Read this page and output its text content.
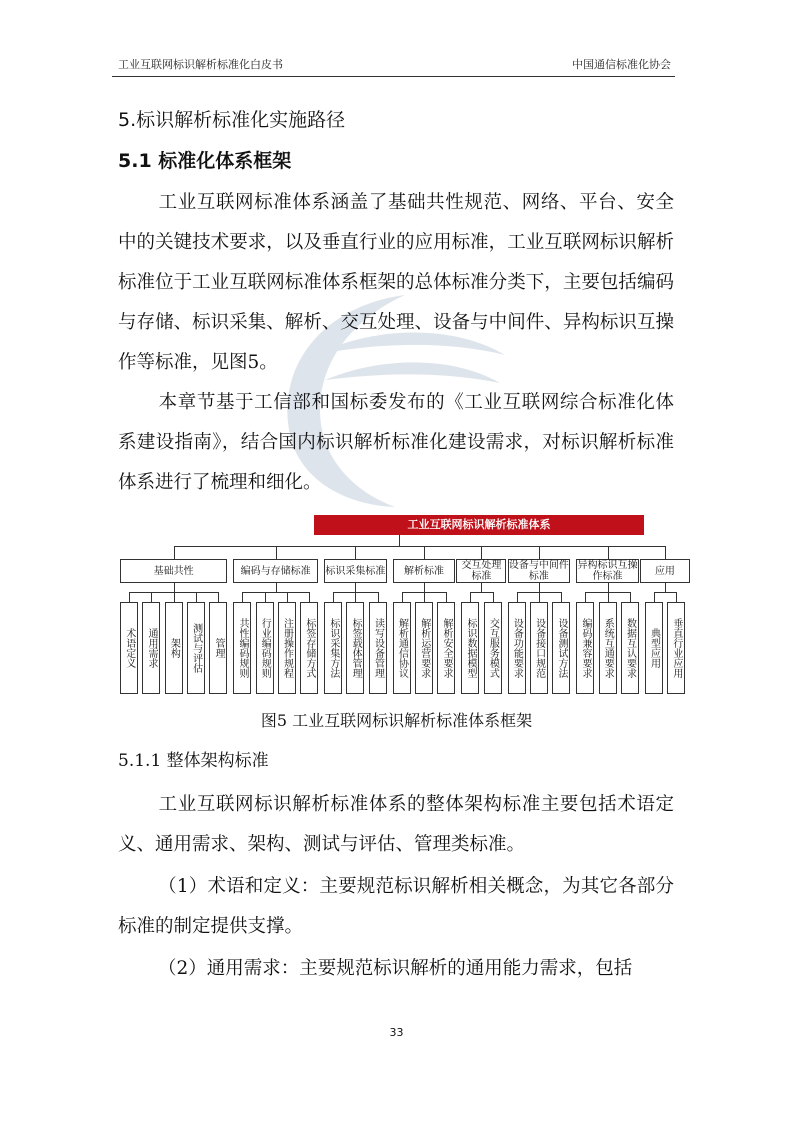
工业互联网标识解析标准化白皮书	中国通信标准化协会
5.标识解析标准化实施路径
5.1 标准化体系框架
工业互联网标准体系涵盖了基础共性规范、网络、平台、安全中的关键技术要求，以及垂直行业的应用标准，工业互联网标识解析标准位于工业互联网标准体系框架的总体标准分类下，主要包括编码与存储、标识采集、解析、交互处理、设备与中间件、异构标识互操作等标准，见图5。
本章节基于工信部和国标委发布的《工业互联网综合标准化体系建设指南》，结合国内标识解析标准化建设需求，对标识解析标准体系进行了梳理和细化。
工业互联网标识解析标准体系
术语定义	通用需求	架构	测试与评估	管理
基础共性
共性编码规则	行业编码规则	注册操作规程	标签存储方式
编码与存储标准
标识采集方法	标签载体管理	读写设备管理
标识采集标准
解析通信协议	解析运营要求	解析安全要求
解析标准
标识数据模型	交互服务模式
交互处理标准
设备功能要求	设备接口规范	设备测试方法
设备与中间件标准
编码兼容要求	系统互通要求	数据互认要求
异构标识互操作标准
典型应用	垂直行业应用
应用
图5 工业互联网标识解析标准体系框架
5.1.1 整体架构标准
工业互联网标识解析标准体系的整体架构标准主要包括术语定义、通用需求、架构、测试与评估、管理类标准。
（1）术语和定义：主要规范标识解析相关概念，为其它各部分标准的制定提供支撑。
（2）通用需求：主要规范标识解析的通用能力需求，包括
33
